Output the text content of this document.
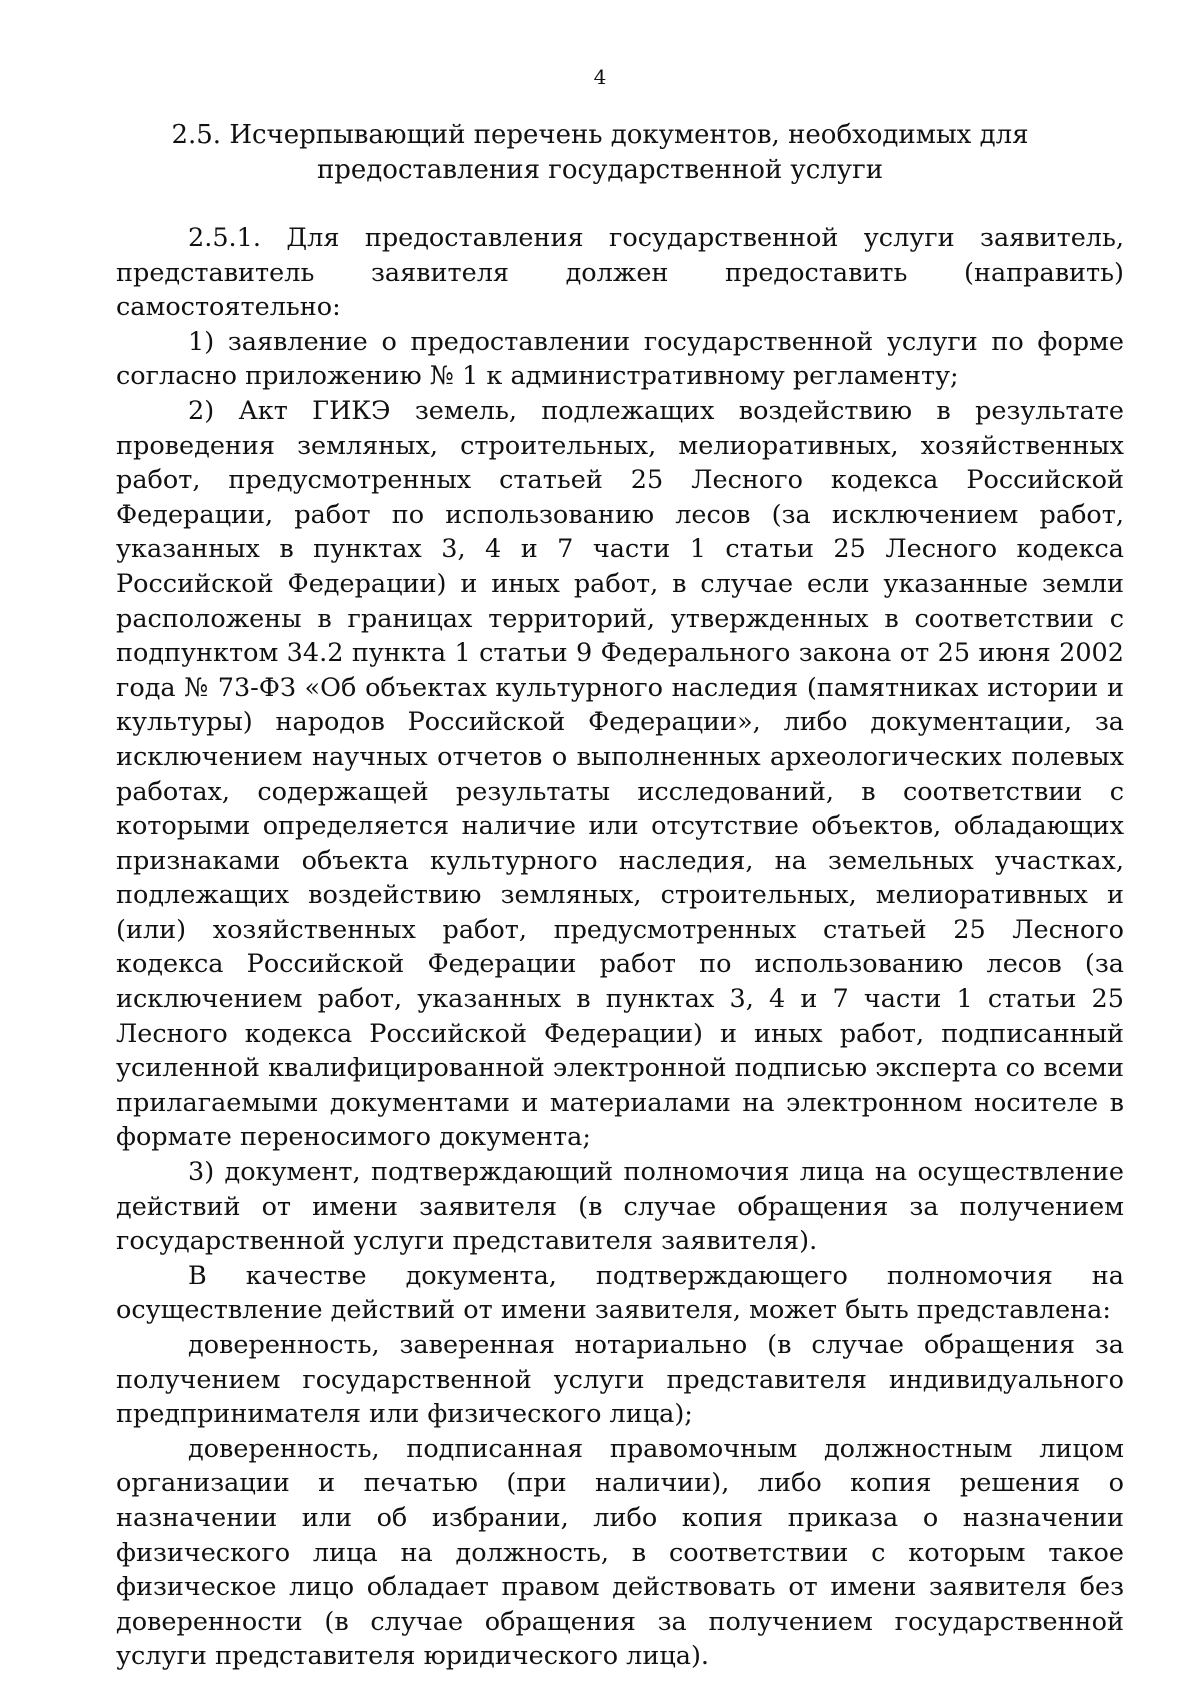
4
2.5. Исчерпывающий перечень документов, необходимых для
предоставления государственной услуги

2.5.1. Для предоставления государственной услуги заявитель, представитель заявителя должен предоставить (направить) самостоятельно:

1) заявление о предоставлении государственной услуги по форме согласно приложению № 1 к административному регламенту;

2) Акт ГИКЭ земель, подлежащих воздействию в результате проведения земляных, строительных, мелиоративных, хозяйственных работ, предусмотренных статьей 25 Лесного кодекса Российской Федерации, работ по использованию лесов (за исключением работ, указанных в пунктах 3, 4 и 7 части 1 статьи 25 Лесного кодекса Российской Федерации) и иных работ, в случае если указанные земли расположены в границах территорий, утвержденных в соответствии с подпунктом 34.2 пункта 1 статьи 9 Федерального закона от 25 июня 2002 года № 73-ФЗ «Об объектах культурного наследия (памятниках истории и культуры) народов Российской Федерации», либо документации, за исключением научных отчетов о выполненных археологических полевых работах, содержащей результаты исследований, в соответствии с которыми определяется наличие или отсутствие объектов, обладающих признаками объекта культурного наследия, на земельных участках, подлежащих воздействию земляных, строительных, мелиоративных и (или) хозяйственных работ, предусмотренных статьей 25 Лесного кодекса Российской Федерации работ по использованию лесов (за исключением работ, указанных в пунктах 3, 4 и 7 части 1 статьи 25 Лесного кодекса Российской Федерации) и иных работ, подписанный усиленной квалифицированной электронной подписью эксперта со всеми прилагаемыми документами и материалами на электронном носителе в формате переносимого документа;

3) документ, подтверждающий полномочия лица на осуществление действий от имени заявителя (в случае обращения за получением государственной услуги представителя заявителя).

В качестве документа, подтверждающего полномочия на осуществление действий от имени заявителя, может быть представлена:

доверенность, заверенная нотариально (в случае обращения за получением государственной услуги представителя индивидуального предпринимателя или физического лица);

доверенность, подписанная правомочным должностным лицом организации и печатью (при наличии), либо копия решения о назначении или об избрании, либо копия приказа о назначении физического лица на должность, в соответствии с которым такое физическое лицо обладает правом действовать от имени заявителя без доверенности (в случае обращения за получением государственной услуги представителя юридического лица).
